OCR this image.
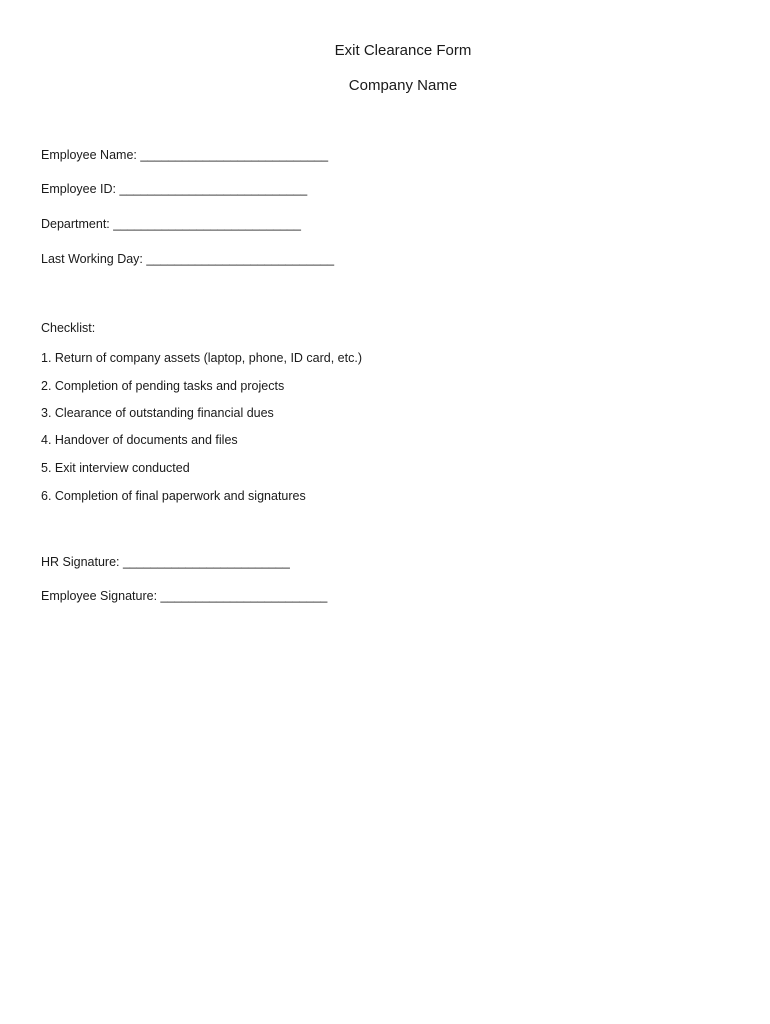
Exit Clearance Form
Company Name
Employee Name: ___________________________
Employee ID: ___________________________
Department: ___________________________
Last Working Day: ___________________________
Checklist:
1. Return of company assets (laptop, phone, ID card, etc.)
2. Completion of pending tasks and projects
3. Clearance of outstanding financial dues
4. Handover of documents and files
5. Exit interview conducted
6. Completion of final paperwork and signatures
HR Signature: ________________________
Employee Signature: ________________________
